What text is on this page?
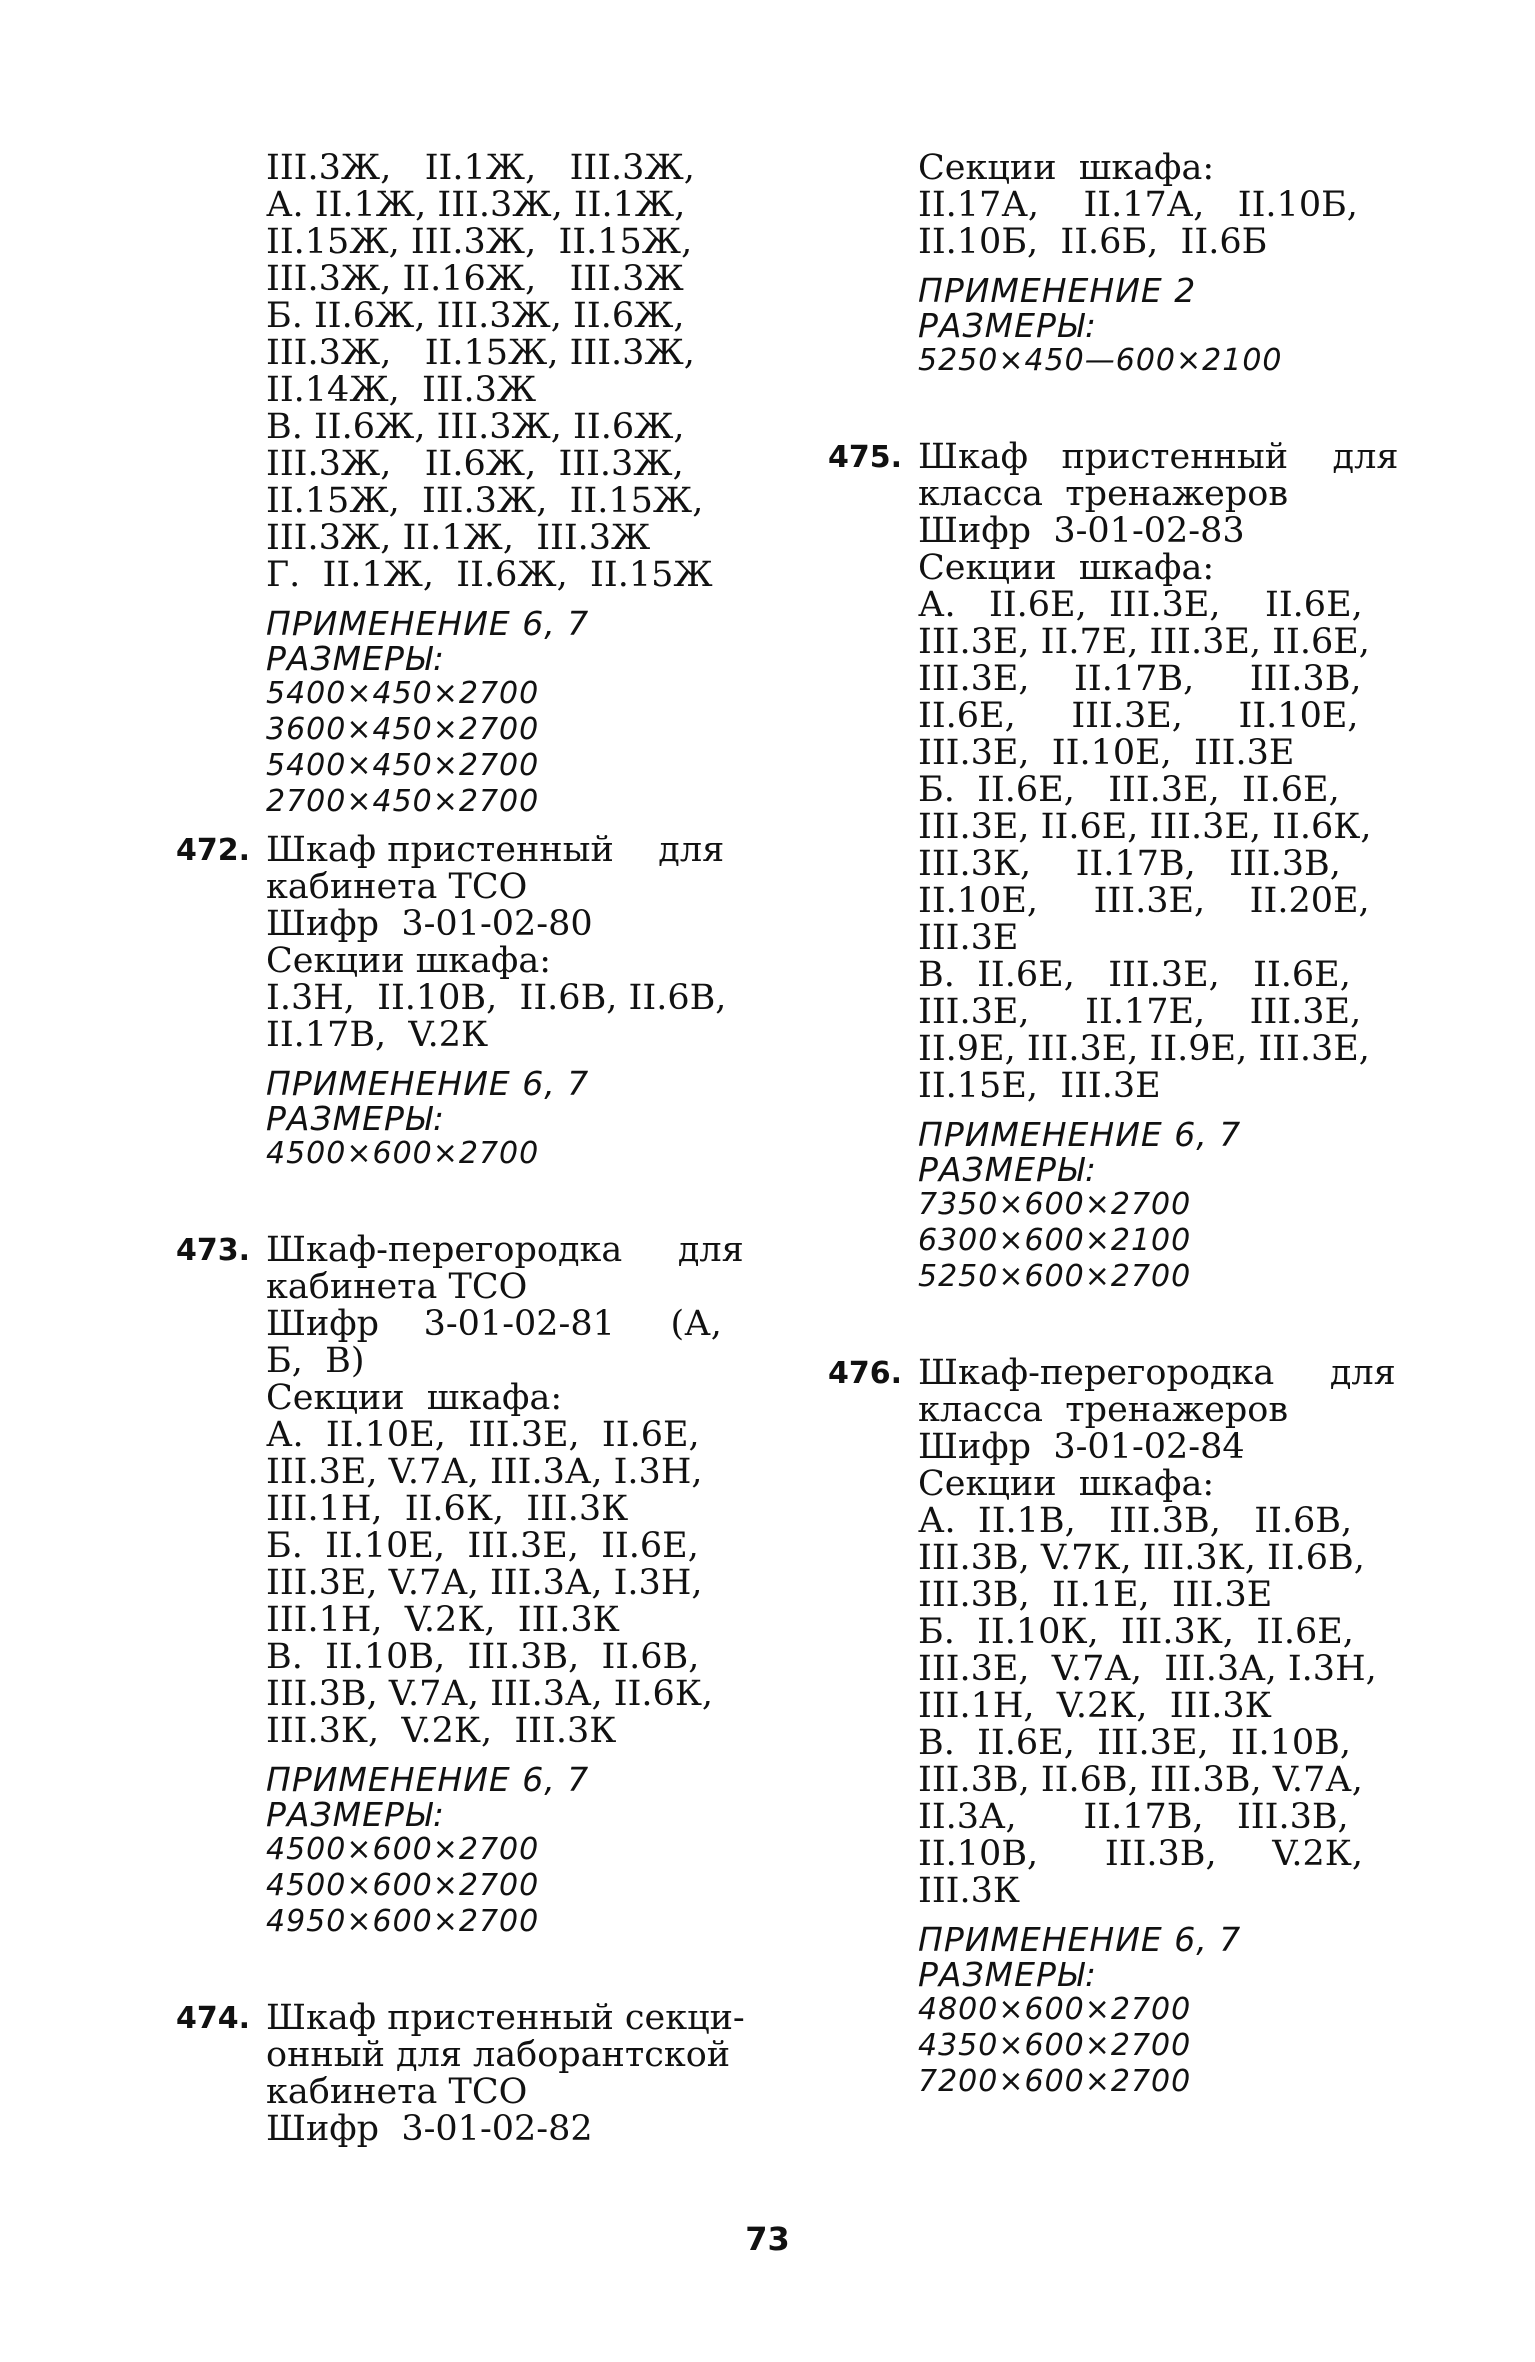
III.3Ж,   II.1Ж,   III.3Ж,
А. II.1Ж, III.3Ж, II.1Ж,
II.15Ж, III.3Ж,  II.15Ж,
III.3Ж, II.16Ж,   III.3Ж
Б. II.6Ж, III.3Ж, II.6Ж,
III.3Ж,   II.15Ж, III.3Ж,
II.14Ж,  III.3Ж
В. II.6Ж, III.3Ж, II.6Ж,
III.3Ж,   II.6Ж,  III.3Ж,
II.15Ж,  III.3Ж,  II.15Ж,
III.3Ж, II.1Ж,  III.3Ж
Г.  II.1Ж,  II.6Ж,  II.15Ж
ПРИМЕНЕНИЕ 6, 7
РАЗМЕРЫ:
5400×450×2700
3600×450×2700
5400×450×2700
2700×450×2700
472. Шкаф пристенный    для
кабинета ТСО
Шифр  3-01-02-80
Секции шкафа:
I.3Н,  II.10В,  II.6В, II.6В,
II.17В,  V.2К
ПРИМЕНЕНИЕ 6, 7
РАЗМЕРЫ:
4500×600×2700
473. Шкаф-перегородка     для
кабинета ТСО
Шифр    3-01-02-81     (А,
Б,  В)
Секции  шкафа:
А.  II.10Е,  III.3Е,  II.6Е,
III.3Е, V.7А, III.3А, I.3Н,
III.1Н,  II.6К,  III.3К
Б.  II.10Е,  III.3Е,  II.6Е,
III.3Е, V.7А, III.3А, I.3Н,
III.1Н,  V.2К,  III.3К
В.  II.10В,  III.3В,  II.6В,
III.3В, V.7А, III.3А, II.6К,
III.3К,  V.2К,  III.3К
ПРИМЕНЕНИЕ 6, 7
РАЗМЕРЫ:
4500×600×2700
4500×600×2700
4950×600×2700
474. Шкаф пристенный секци-
онный для лаборантской
кабинета ТСО
Шифр  3-01-02-82
Секции  шкафа:
II.17А,    II.17А,   II.10Б,
II.10Б,  II.6Б,  II.6Б
ПРИМЕНЕНИЕ 2
РАЗМЕРЫ:
5250×450—600×2100
475. Шкаф   пристенный    для
класса  тренажеров
Шифр  3-01-02-83
Секции  шкафа:
А.   II.6Е,  III.3Е,    II.6Е,
III.3Е, II.7Е, III.3Е, II.6Е,
III.3Е,    II.17В,     III.3В,
II.6Е,     III.3Е,     II.10Е,
III.3Е,  II.10Е,  III.3Е
Б.  II.6Е,   III.3Е,  II.6Е,
III.3Е, II.6Е, III.3Е, II.6К,
III.3К,    II.17В,   III.3В,
II.10Е,     III.3Е,    II.20Е,
III.3Е
В.  II.6Е,   III.3Е,   II.6Е,
III.3Е,     II.17Е,    III.3Е,
II.9Е, III.3Е, II.9Е, III.3Е,
II.15Е,  III.3Е
ПРИМЕНЕНИЕ 6, 7
РАЗМЕРЫ:
7350×600×2700
6300×600×2100
5250×600×2700
476. Шкаф-перегородка     для
класса  тренажеров
Шифр  3-01-02-84
Секции  шкафа:
А.  II.1В,   III.3В,   II.6В,
III.3В, V.7К, III.3К, II.6В,
III.3В,  II.1Е,  III.3Е
Б.  II.10К,  III.3К,  II.6Е,
III.3Е,  V.7А,  III.3А, I.3Н,
III.1Н,  V.2К,  III.3К
В.  II.6Е,  III.3Е,  II.10В,
III.3В, II.6В, III.3В, V.7А,
II.3А,      II.17В,   III.3В,
II.10В,      III.3В,     V.2К,
III.3К
ПРИМЕНЕНИЕ 6, 7
РАЗМЕРЫ:
4800×600×2700
4350×600×2700
7200×600×2700
73
